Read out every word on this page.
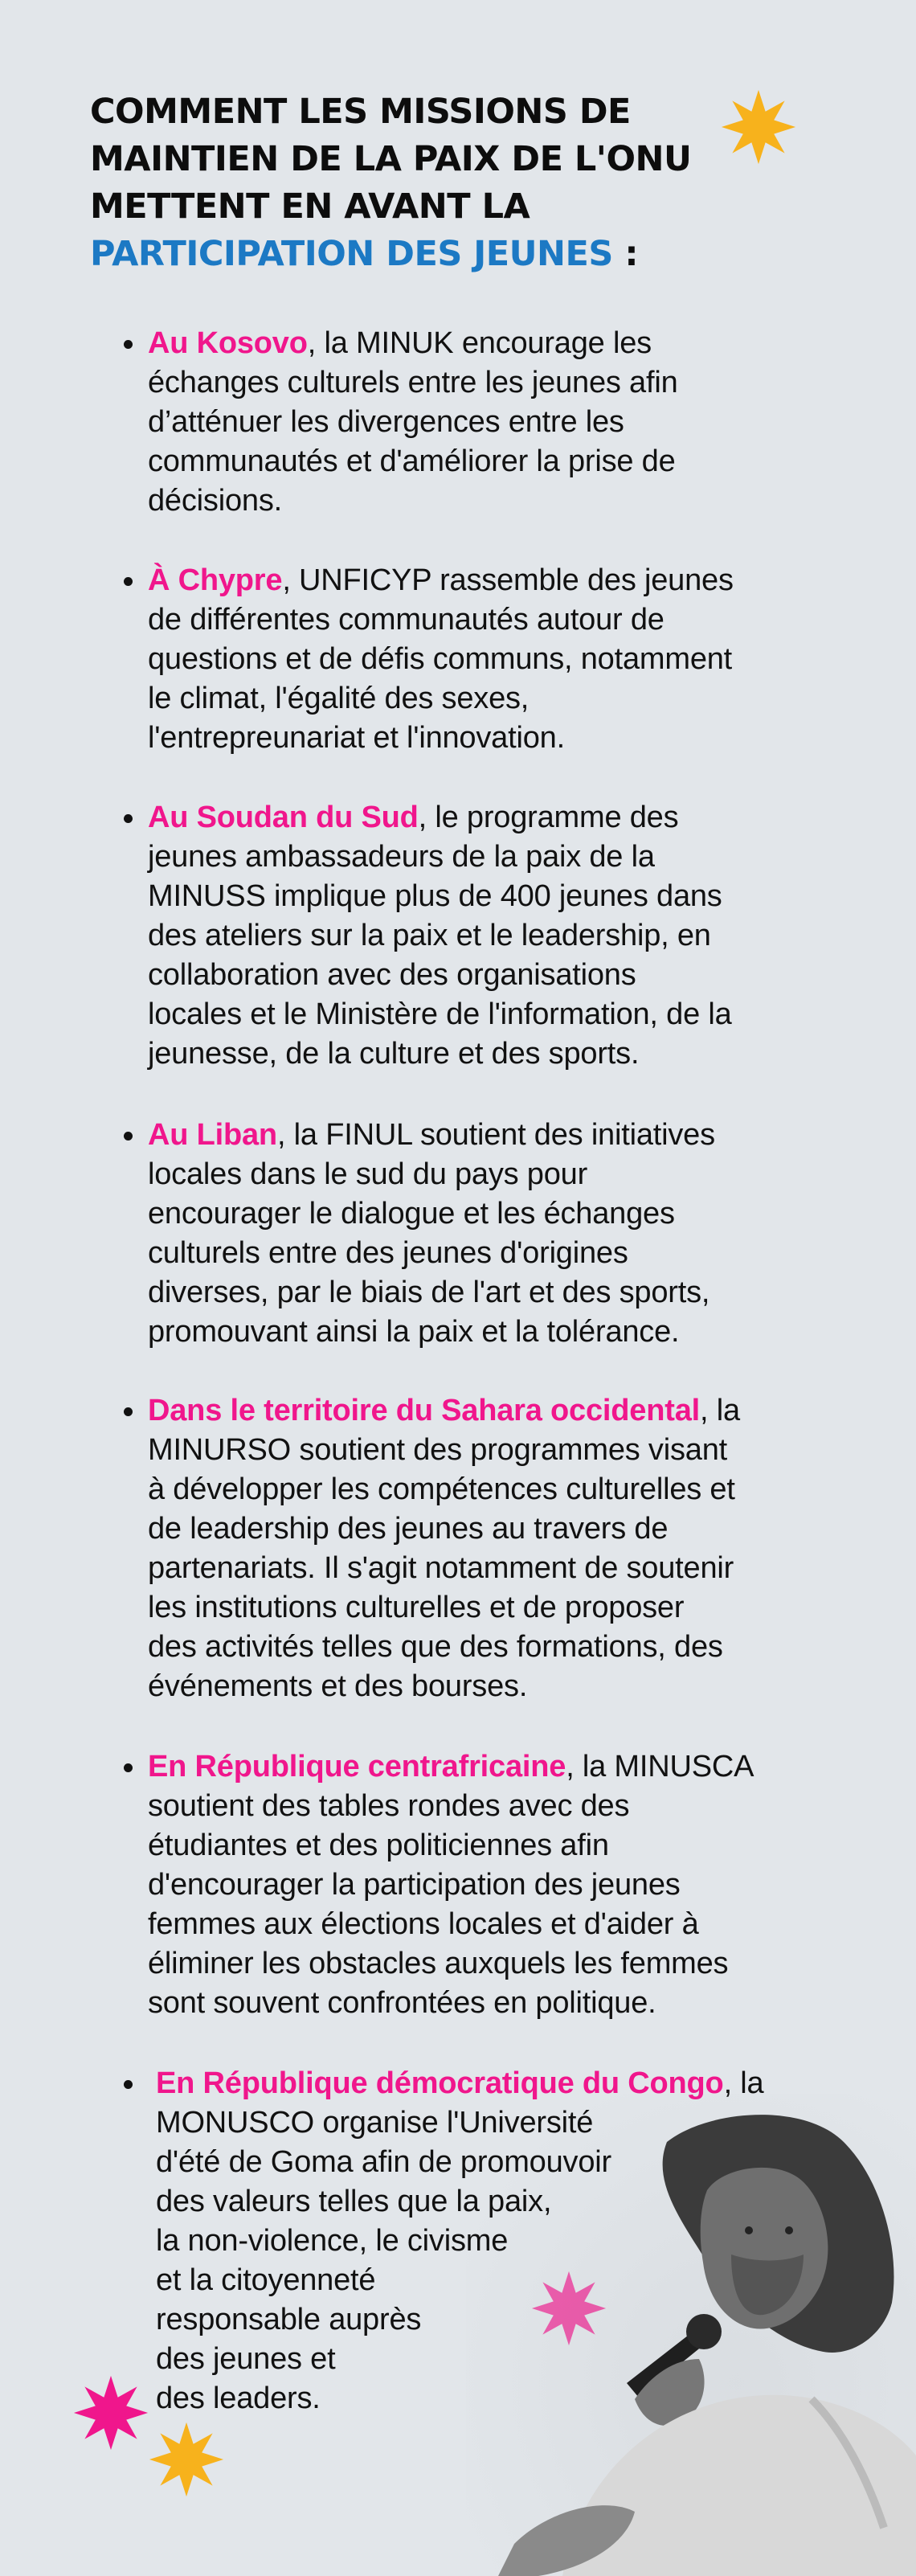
COMMENT LES MISSIONS DE
MAINTIEN DE LA PAIX DE L'ONU
METTENT EN AVANT LA
PARTICIPATION DES JEUNES :
Au Kosovo, la MINUK encourage les
échanges culturels entre les jeunes afin
d’atténuer les divergences entre les
communautés et d'améliorer la prise de
décisions.
À Chypre, UNFICYP rassemble des jeunes
de différentes communautés autour de
questions et de défis communs, notamment
le climat, l'égalité des sexes,
l'entrepreunariat et l'innovation.
Au Soudan du Sud, le programme des
jeunes ambassadeurs de la paix de la
MINUSS implique plus de 400 jeunes dans
des ateliers sur la paix et le leadership, en
collaboration avec des organisations
locales et le Ministère de l'information, de la
jeunesse, de la culture et des sports.
Au Liban, la FINUL soutient des initiatives
locales dans le sud du pays pour
encourager le dialogue et les échanges
culturels entre des jeunes d'origines
diverses, par le biais de l'art et des sports,
promouvant ainsi la paix et la tolérance.
Dans le territoire du Sahara occidental, la
MINURSO soutient des programmes visant
à développer les compétences culturelles et
de leadership des jeunes au travers de
partenariats. Il s'agit notamment de soutenir
les institutions culturelles et de proposer
des activités telles que des formations, des
événements et des bourses.
En République centrafricaine, la MINUSCA
soutient des tables rondes avec des
étudiantes et des politiciennes afin
d'encourager la participation des jeunes
femmes aux élections locales et d'aider à
éliminer les obstacles auxquels les femmes
sont souvent confrontées en politique.
En République démocratique du Congo, la
MONUSCO organise l'Université
d'été de Goma afin de promouvoir
des valeurs telles que la paix,
la non-violence, le civisme
et la citoyenneté
responsable auprès
des jeunes et
des leaders.
